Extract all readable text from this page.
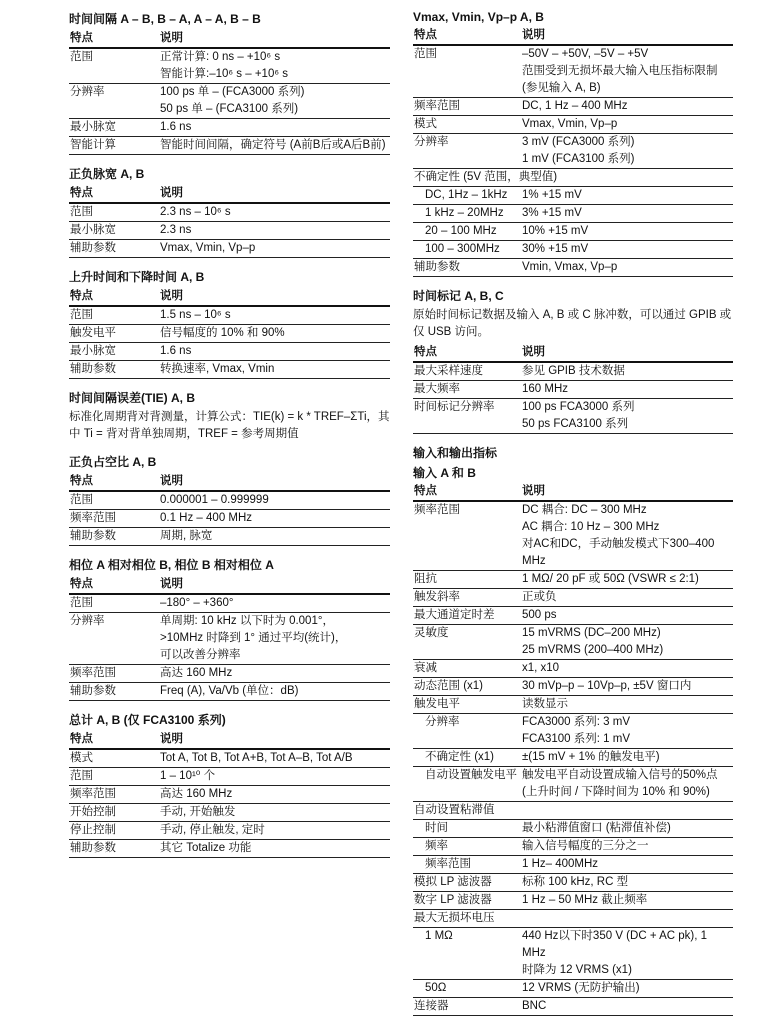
时间间隔 A – B, B – A, A – A, B – B
特点	说明
范围	正常计算: 0 ns – +10⁶ s
智能计算:–10⁶ s – +10⁶ s

分辨率	100 ps 单 – (FCA3000 系列)
50 ps 单 – (FCA3100 系列)

最小脉宽	1.6 ns

智能计算	智能时间间隔，确定符号 (A前B后或A后B前)
正负脉宽 A, B
特点	说明
范围	2.3 ns – 10⁶ s

最小脉宽	2.3 ns

辅助参数	Vmax, Vmin, Vp–p
上升时间和下降时间 A, B
特点	说明
范围	1.5 ns – 10⁶ s

触发电平	信号幅度的 10% 和 90%

最小脉宽	1.6 ns

辅助参数	转换速率, Vmax, Vmin
时间间隔误差(TIE) A, B
标准化周期背对背测量，计算公式：TIE(k) = k * TREF–ΣTi，其
中 Ti = 背对背单独周期，TREF = 参考周期值
正负占空比 A, B
特点	说明
范围	0.000001 – 0.999999

频率范围	0.1 Hz – 400 MHz

辅助参数	周期, 脉宽
相位 A 相对相位 B, 相位 B 相对相位 A
特点	说明
范围	–180° – +360°

分辨率	单周期: 10 kHz 以下时为 0.001°，
>10MHz 时降到 1° 通过平均(统计)，
可以改善分辨率

频率范围	高达 160 MHz

辅助参数	Freq (A), Va/Vb (单位：dB)
总计 A, B (仅 FCA3100 系列)
特点	说明
模式	Tot A, Tot B, Tot A+B, Tot A–B, Tot A/B

范围	1 – 10¹⁰ 个

频率范围	高达 160 MHz

开始控制	手动, 开始触发

停止控制	手动, 停止触发, 定时

辅助参数	其它 Totalize 功能
Vmax, Vmin, Vp–p A, B
特点	说明
范围	–50V – +50V, –5V – +5V
范围受到无损坏最大输入电压指标限制
(参见输入 A, B)

频率范围	DC, 1 Hz – 400 MHz

模式	Vmax, Vmin, Vp–p

分辨率	3 mV (FCA3000 系列)
1 mV (FCA3100 系列)

不确定性 (5V 范围，典型值)	
DC, 1Hz – 1kHz	1% +15 mV

1 kHz – 20MHz	3% +15 mV

20 – 100 MHz	10% +15 mV

100 – 300MHz	30% +15 mV

辅助参数	Vmin, Vmax, Vp–p
时间标记 A, B, C
原始时间标记数据及输入 A, B 或 C 脉冲数，可以通过 GPIB 或
仅 USB 访问。
特点	说明
最大采样速度	参见 GPIB 技术数据

最大频率	160 MHz

时间标记分辨率	100 ps FCA3000 系列
50 ps FCA3100 系列
输入和输出指标
输入 A 和 B
特点	说明
频率范围	DC 耦合: DC – 300 MHz
AC 耦合: 10 Hz – 300 MHz
对AC和DC，手动触发模式下300–400 MHz

阻抗	1 MΩ/ 20 pF 或 50Ω (VSWR ≤ 2:1)

触发斜率	正或负

最大通道定时差	500 ps

灵敏度	15 mVRMS (DC–200 MHz)
25 mVRMS (200–400 MHz)

衰减	x1, x10

动态范围 (x1)	30 mVp–p – 10Vp–p, ±5V 窗口内

触发电平	读数显示

分辨率	FCA3000 系列: 3 mV
FCA3100 系列: 1 mV

不确定性 (x1)	±(15 mV + 1% 的触发电平)

自动设置触发电平	触发电平自动设置成输入信号的50%点
(上升时间 / 下降时间为 10% 和 90%)

自动设置粘滞值	
时间	最小粘滞值窗口 (粘滞值补偿)

频率	输入信号幅度的三分之一

频率范围	1 Hz– 400MHz

模拟 LP 滤波器	标称 100 kHz, RC 型

数字 LP 滤波器	1 Hz – 50 MHz 截止频率

最大无损坏电压	
1 MΩ	440 Hz以下时350 V (DC + AC pk), 1 MHz
时降为 12 VRMS (x1)

50Ω	12 VRMS (无防护输出)

连接器	BNC
